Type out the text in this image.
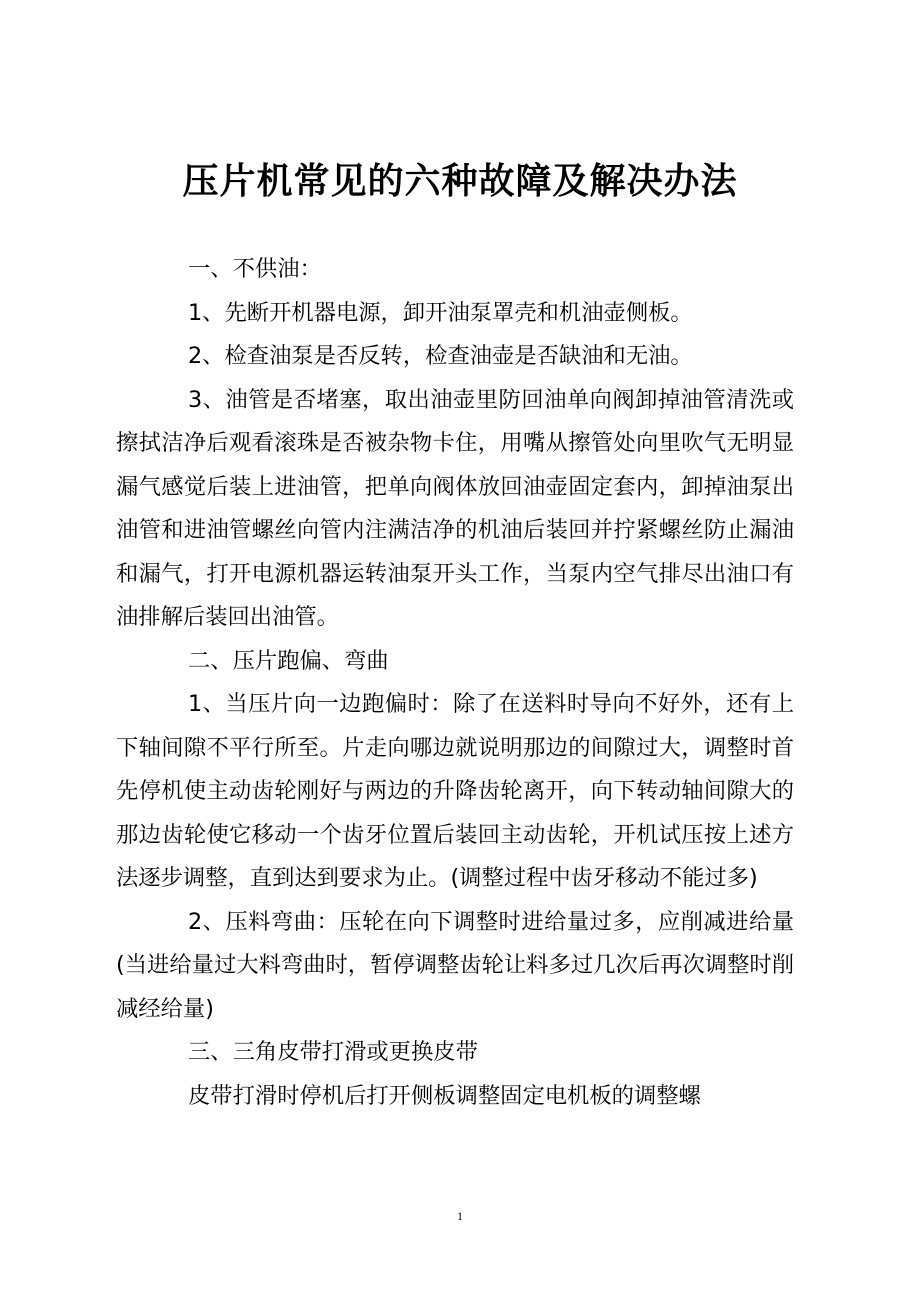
压片机常见的六种故障及解决办法

一、不供油：

1、先断开机器电源，卸开油泵罩壳和机油壶侧板。

2、检查油泵是否反转，检查油壶是否缺油和无油。

3、油管是否堵塞，取出油壶里防回油单向阀卸掉油管清洗或擦拭洁净后观看滚珠是否被杂物卡住，用嘴从擦管处向里吹气无明显漏气感觉后装上进油管，把单向阀体放回油壶固定套内，卸掉油泵出油管和进油管螺丝向管内注满洁净的机油后装回并拧紧螺丝防止漏油和漏气，打开电源机器运转油泵开头工作，当泵内空气排尽出油口有油排解后装回出油管。

二、压片跑偏、弯曲

1、当压片向一边跑偏时：除了在送料时导向不好外，还有上下轴间隙不平行所至。片走向哪边就说明那边的间隙过大，调整时首先停机使主动齿轮刚好与两边的升降齿轮离开，向下转动轴间隙大的那边齿轮使它移动一个齿牙位置后装回主动齿轮，开机试压按上述方法逐步调整，直到达到要求为止。(调整过程中齿牙移动不能过多)

2、压料弯曲：压轮在向下调整时进给量过多，应削减进给量(当进给量过大料弯曲时，暂停调整齿轮让料多过几次后再次调整时削减经给量)

三、三角皮带打滑或更换皮带

皮带打滑时停机后打开侧板调整固定电机板的调整螺

1
